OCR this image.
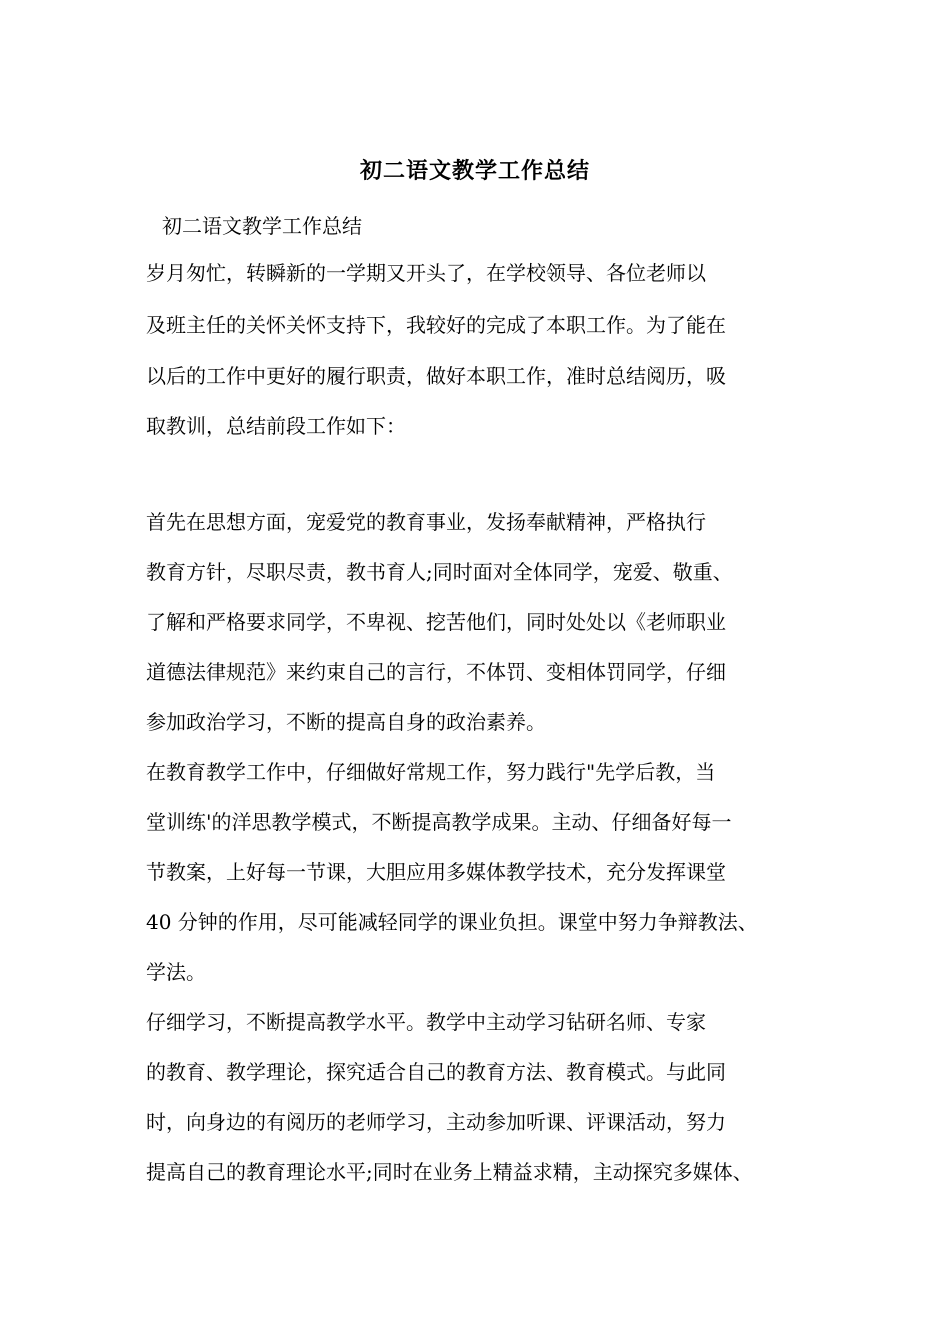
初二语文教学工作总结
初二语文教学工作总结
岁月匆忙，转瞬新的一学期又开头了，在学校领导、各位老师以
及班主任的关怀关怀支持下，我较好的完成了本职工作。为了能在
以后的工作中更好的履行职责，做好本职工作，准时总结阅历，吸
取教训，总结前段工作如下：
首先在思想方面，宠爱党的教育事业，发扬奉献精神，严格执行
教育方针，尽职尽责，教书育人;同时面对全体同学，宠爱、敬重、
了解和严格要求同学，不卑视、挖苦他们，同时处处以《老师职业
道德法律规范》来约束自己的言行，不体罚、变相体罚同学，仔细
参加政治学习，不断的提高自身的政治素养。
在教育教学工作中，仔细做好常规工作，努力践行"先学后教，当
堂训练'的洋思教学模式，不断提高教学成果。主动、仔细备好每一
节教案，上好每一节课，大胆应用多媒体教学技术，充分发挥课堂
40 分钟的作用，尽可能减轻同学的课业负担。课堂中努力争辩教法、
学法。
仔细学习，不断提高教学水平。教学中主动学习钻研名师、专家
的教育、教学理论，探究适合自己的教育方法、教育模式。与此同
时，向身边的有阅历的老师学习，主动参加听课、评课活动，努力
提高自己的教育理论水平;同时在业务上精益求精，主动探究多媒体、
